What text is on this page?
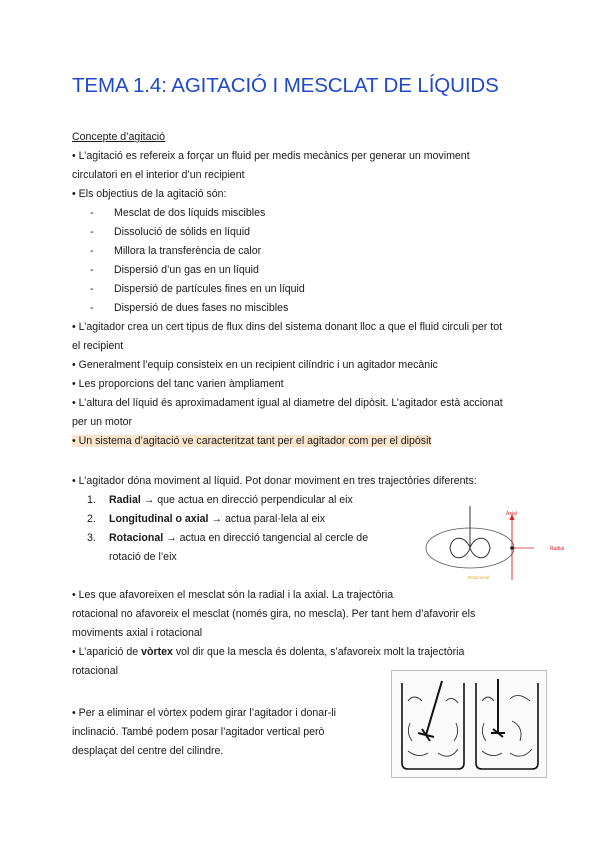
TEMA 1.4: AGITACIÓ I MESCLAT DE LÍQUIDS
Concepte d’agitació
• L’agitació es refereix a forçar un fluid per medis mecànics per generar un moviment
circulatori en el interior d’un recipient
• Els objectius de la agitació són:
- Mesclat de dos líquids miscibles
- Dissolució de sòlids en líquid
- Millora la transferència de calor
- Dispersió d’un gas en un líquid
- Dispersió de partícules fines en un líquid
- Dispersió de dues fases no miscibles
• L’agitador crea un cert tipus de flux dins del sistema donant lloc a que el fluid circuli per tot
el recipient
• Generalment l’equip consisteix en un recipient cilíndric i un agitador mecànic
• Les proporcions del tanc varien àmpliament
• L’altura del líquid és aproximadament igual al diametre del dipòsit. L’agitador està accionat
per un motor
• Un sistema d’agitació ve caracteritzat tant per el agitador com per el dipòsit
• L’agitador dóna moviment al líquid. Pot donar moviment en tres trajectòries diferents:
1. Radial → que actua en direcció perpendicular al eix
2. Longitudinal o axial → actua paral·lela al eix
3. Rotacional → actua en direcció tangencial al cercle de
rotació de l’eix
• Les que afavoreixen el mesclat són la radial i la axial. La trajectòria
rotacional no afavoreix el mesclat (només gira, no mescla). Per tant hem d’afavorir els
moviments axial i rotacional
• L’aparició de vòrtex vol dir que la mescla és dolenta, s’afavoreix molt la trajectòria
rotacional
• Per a eliminar el vòrtex podem girar l’agitador i donar-li
inclinació. També podem posar l’agitador vertical però
desplaçat del centre del cilindre.
Axial
Radial
Rotacional
